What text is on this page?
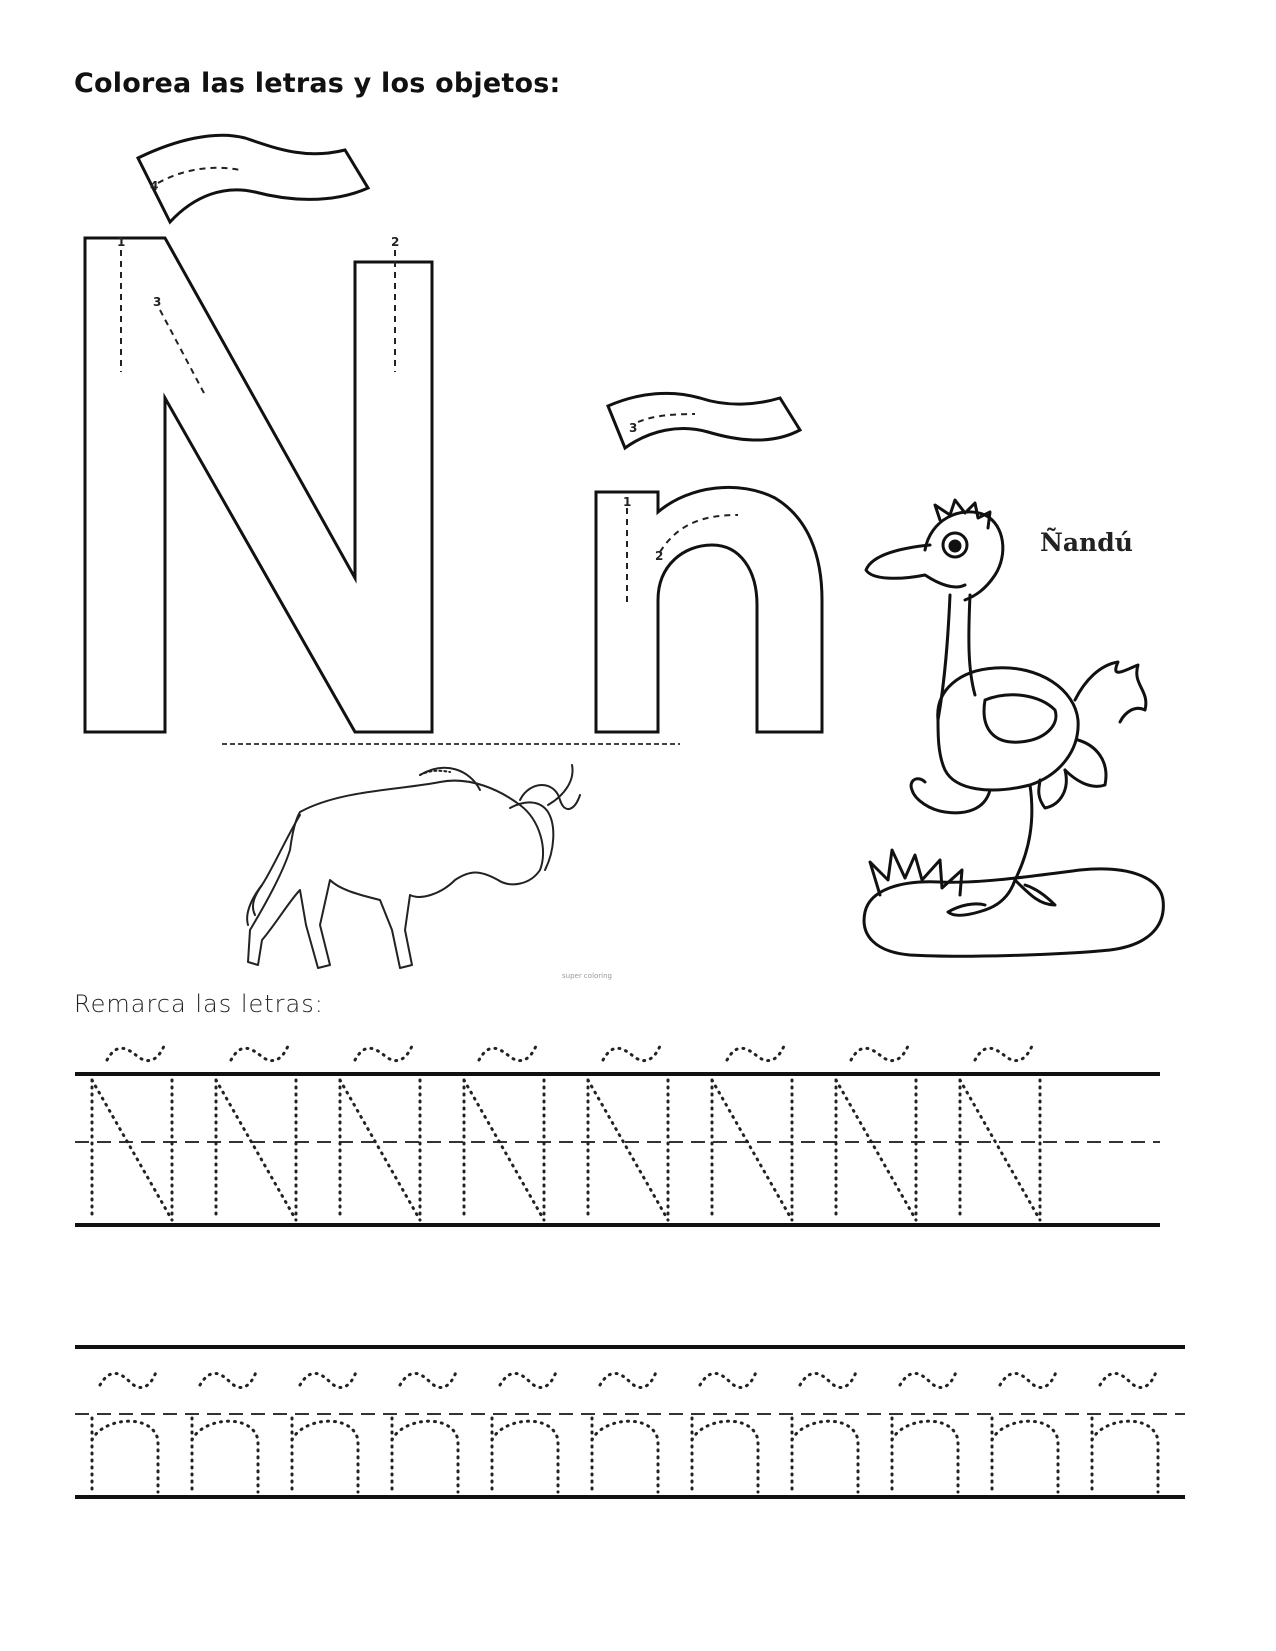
Colorea las letras y los objetos:
Remarca las letras:
Ñandú
1	2
3
4
1
2
3
super coloring
